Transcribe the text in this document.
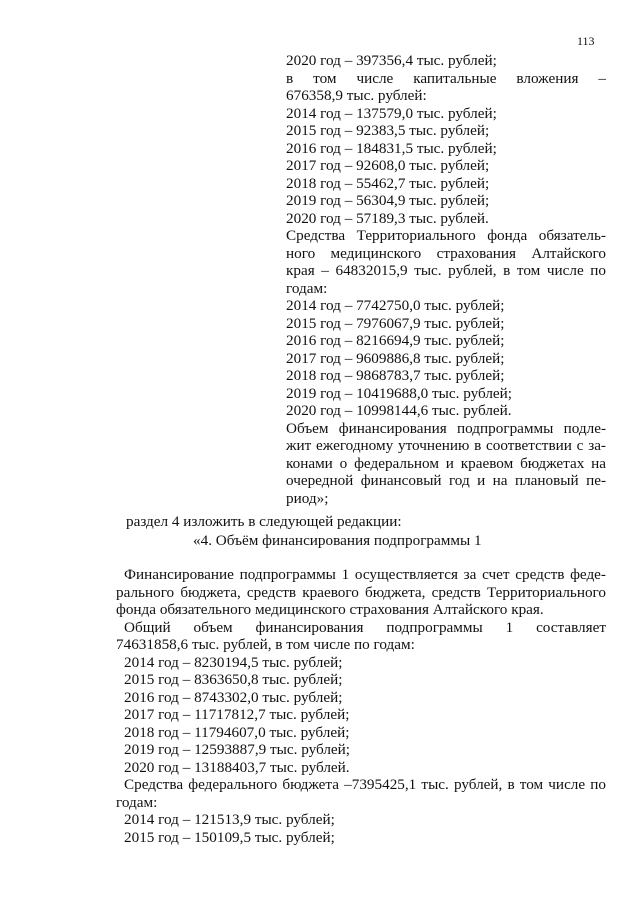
113
2020 год – 397356,4 тыс. рублей;
в том числе капитальные вложения –
676358,9 тыс. рублей:
2014 год – 137579,0 тыс. рублей;
2015 год – 92383,5 тыс. рублей;
2016 год – 184831,5 тыс. рублей;
2017 год – 92608,0 тыс. рублей;
2018 год – 55462,7 тыс. рублей;
2019 год – 56304,9 тыс. рублей;
2020 год – 57189,3 тыс. рублей.
Средства Территориального фонда обязатель-
ного медицинского страхования Алтайского
края – 64832015,9 тыс. рублей, в том числе по
годам:
2014 год – 7742750,0 тыс. рублей;
2015 год – 7976067,9 тыс. рублей;
2016 год – 8216694,9 тыс. рублей;
2017 год – 9609886,8 тыс. рублей;
2018 год – 9868783,7 тыс. рублей;
2019 год – 10419688,0 тыс. рублей;
2020 год – 10998144,6 тыс. рублей.
Объем финансирования подпрограммы подле-
жит ежегодному уточнению в соответствии с за-
конами о федеральном и краевом бюджетах на
очередной финансовый год и на плановый пе-
риод»;
раздел 4 изложить в следующей редакции:
«4. Объём финансирования подпрограммы 1
Финансирование подпрограммы 1 осуществляется за счет средств феде-
рального бюджета, средств краевого бюджета, средств Территориального
фонда обязательного медицинского страхования Алтайского края.
Общий объем финансирования подпрограммы 1 составляет
74631858,6 тыс. рублей, в том числе по годам:
2014 год – 8230194,5 тыс. рублей;
2015 год – 8363650,8 тыс. рублей;
2016 год – 8743302,0 тыс. рублей;
2017 год – 11717812,7 тыс. рублей;
2018 год – 11794607,0 тыс. рублей;
2019 год – 12593887,9 тыс. рублей;
2020 год – 13188403,7 тыс. рублей.
Средства федерального бюджета –7395425,1 тыс. рублей, в том числе по
годам:
2014 год – 121513,9 тыс. рублей;
2015 год – 150109,5 тыс. рублей;
